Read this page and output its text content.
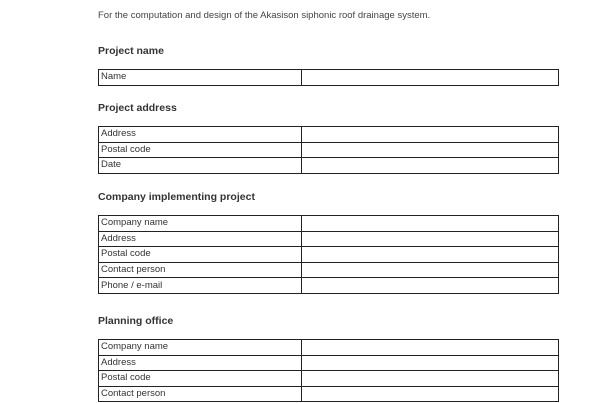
For the computation and design of the Akasison siphonic roof drainage system.

Project name
Name	
Project address
Address	
Postal code	
Date	
Company implementing project
Company name	
Address	
Postal code	
Contact person	
Phone / e-mail	
Planning office
Company name	
Address	
Postal code	
Contact person	
